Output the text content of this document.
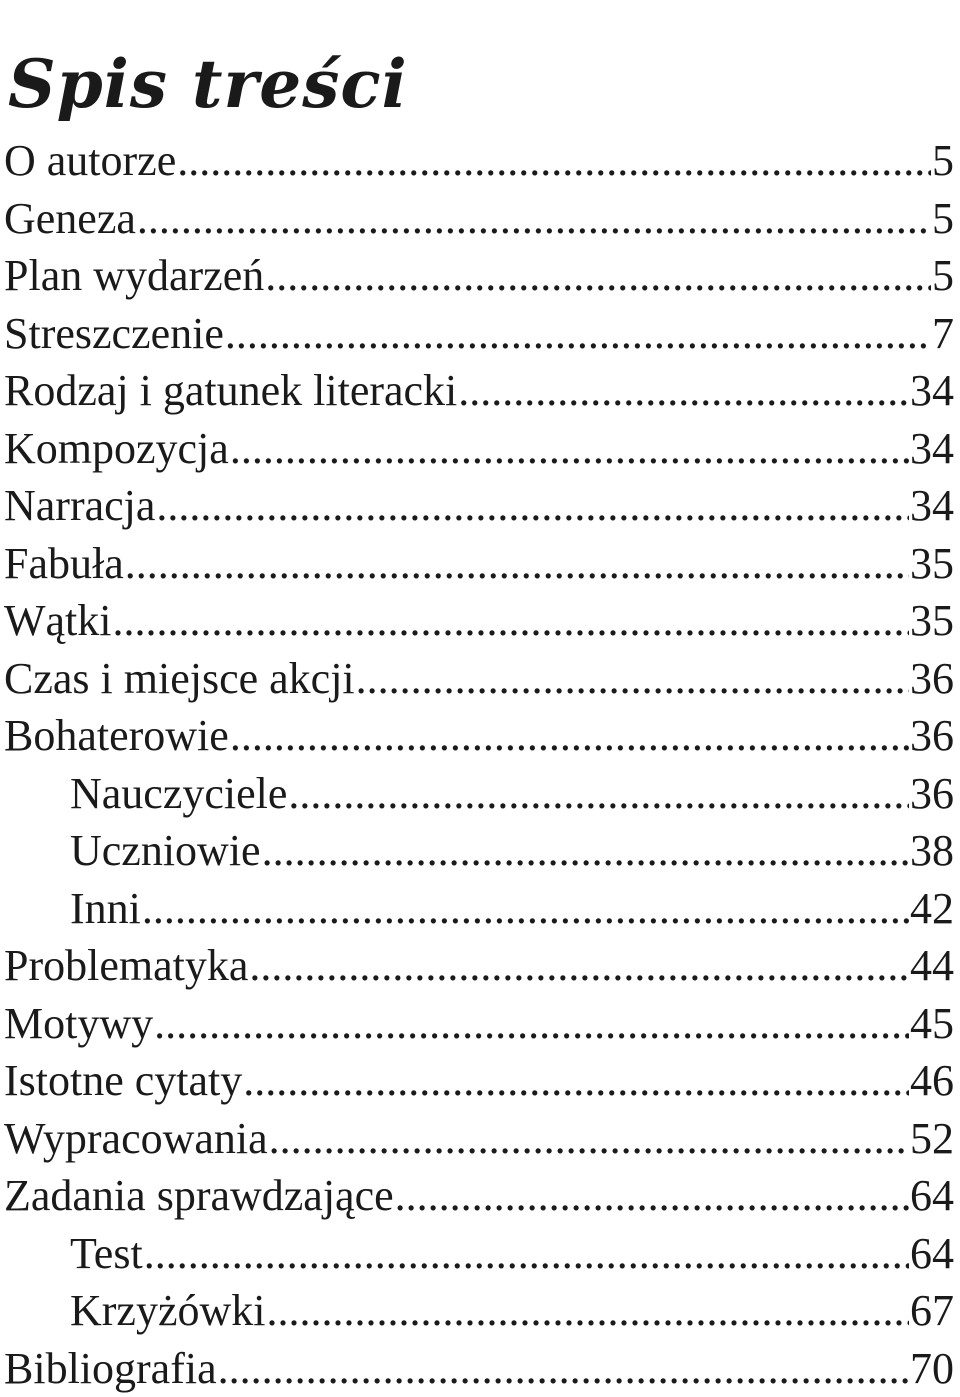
Spis treści
O autorze .....	5
Geneza .....	5
Plan wydarzeń .....	5
Streszczenie .....	7
Rodzaj i gatunek literacki .....	34
Kompozycja .....	34
Narracja .....	34
Fabuła .....	35
Wątki .....	35
Czas i miejsce akcji .....	36
Bohaterowie .....	36
Nauczyciele .....	36
Uczniowie .....	38
Inni .....	42
Problematyka .....	44
Motywy .....	45
Istotne cytaty .....	46
Wypracowania .....	52
Zadania sprawdzające .....	64
Test .....	64
Krzyżówki .....	67
Bibliografia .....	70
